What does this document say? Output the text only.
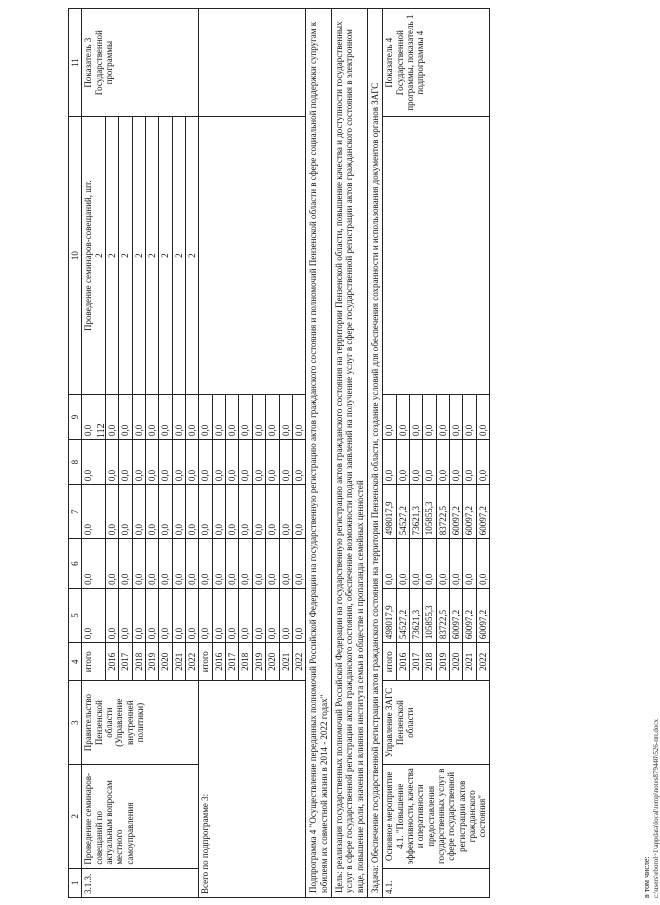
112
1	2	3	4	5	6	7	8	9	10	11
3.1.3.	Проведение семинаров-совещаний по актуальным вопросам местного самоуправления	Правительство Пензенской области (Управление внутренней политики)	итого	0,0	0,0	0,0	0,0	0,0	Проведение семинаров-совещаний, шт. 2	Показатель 3 Государственной программы
			2016	0,0	0,0	0,0	0,0	0,0	2	
			2017	0,0	0,0	0,0	0,0	0,0	2	
			2018	0,0	0,0	0,0	0,0	0,0	2	
			2019	0,0	0,0	0,0	0,0	0,0	2	
			2020	0,0	0,0	0,0	0,0	0,0	2	
			2021	0,0	0,0	0,0	0,0	0,0	2	
			2022	0,0	0,0	0,0	0,0	0,0	2	
Всего по подпрограмме 3:			итого	0,0	0,0	0,0	0,0	0,0		
			2016	0,0	0,0	0,0	0,0	0,0		
			2017	0,0	0,0	0,0	0,0	0,0		
			2018	0,0	0,0	0,0	0,0	0,0		
			2019	0,0	0,0	0,0	0,0	0,0		
			2020	0,0	0,0	0,0	0,0	0,0		
			2021	0,0	0,0	0,0	0,0	0,0		
			2022	0,0	0,0	0,0	0,0	0,0		
Подпрограмма 4 "Осуществление переданных полномочий Российской Федерации на государственную регистрацию актов гражданского состояния и полномочий Пензенской области в сфере социальной поддержки супругам к юбилеям их совместной жизни в 2014 - 2022 годах"										
Цель: реализация государственных полномочий Российской Федерации на государственную регистрацию актов гражданского состояния на территории Пензенской области, повышение качества и доступности государственных услуг в сфере государственной регистрации актов гражданского состояния, обеспечение возможности подачи заявлений на получение услуг в сфере государственной регистрации актов гражданского состояния в электронном виде, повышение роли, значения и влияния института семьи в обществе и пропаганда семейных ценностей										
Задача: Обеспечение государственной регистрации актов гражданского состояния на территории Пензенской области, создание условий для обеспечения сохранности и использования документов органов ЗАГС										
4.1.	Основное мероприятие 4.1. "Повышение эффективности, качества и оперативности предоставления государственных услуг в сфере государственной регистрации актов гражданского состояния"	Управление ЗАГС Пензенской области	итого	498017,9	0,0	498017,9	0,0	0,0		Показатель 4 Государственной программы, показатель 1 подпрограммы 4
			2016	54527,2	0,0	54527,2	0,0	0,0		
			2017	73621,3	0,0	73621,3	0,0	0,0		
			2018	105855,3	0,0	105855,3	0,0	0,0		
			2019	83722,5	0,0	83722,5	0,0	0,0		
			2020	60097,2	0,0	60097,2	0,0	0,0		
			2021	60097,2	0,0	60097,2	0,0	0,0		
			2022	60097,2	0,0	60097,2	0,0	0,0		
в том числе: c:\users\eborol~1\appdata\local\temp\notes879440\526-пп.docx
